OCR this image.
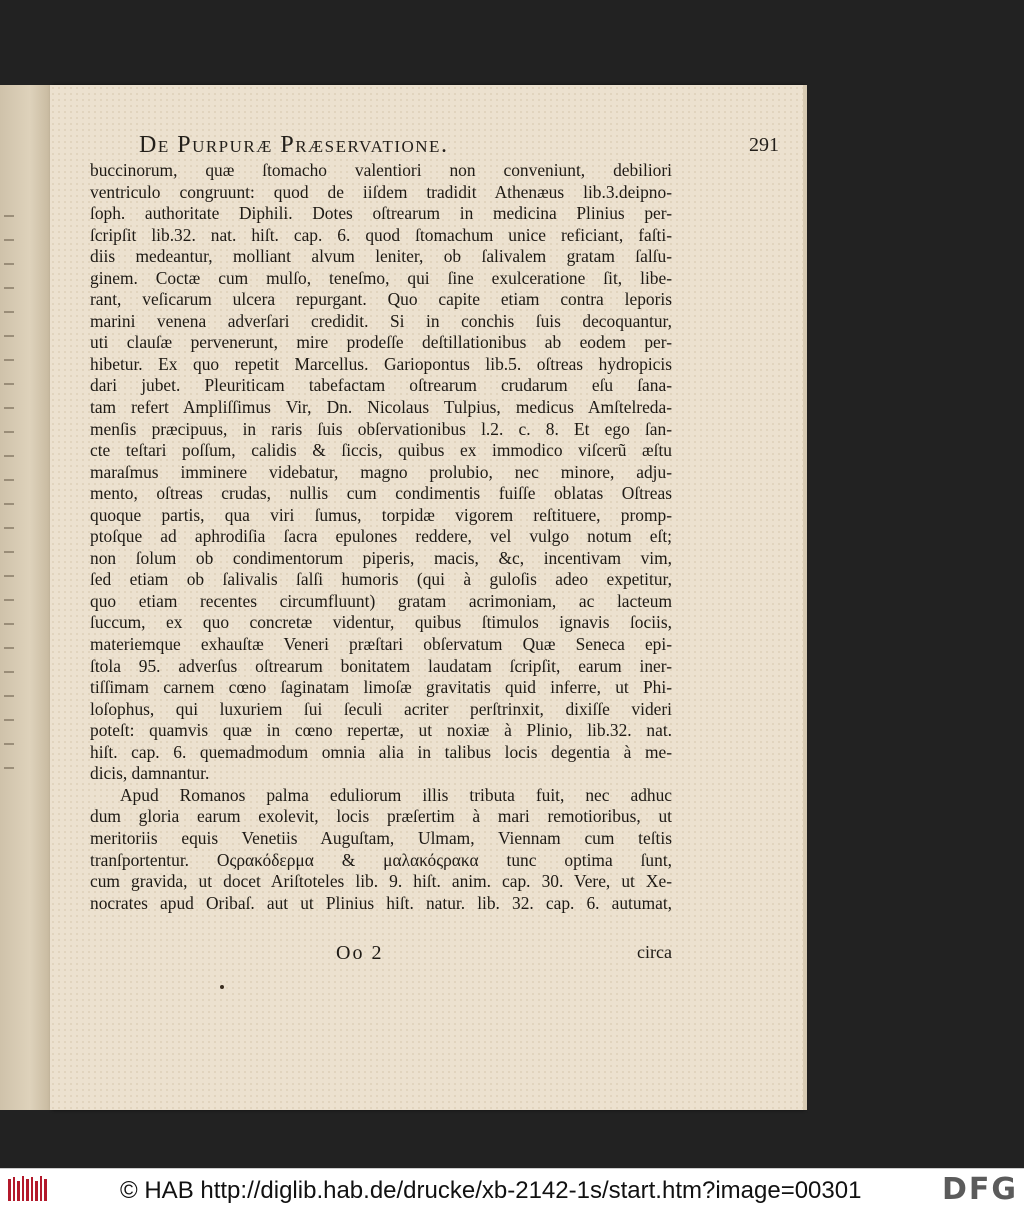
De Purpuræ Præservatione.	291
buccinorum, quæ ſtomacho valentiori non conveniunt, debiliori
ventriculo congruunt: quod de iiſdem tradidit Athenæus lib.3.deipno-
ſoph. authoritate Diphili. Dotes oſtrearum in medicina Plinius per-
ſcripſit lib.32. nat. hiſt. cap. 6. quod ſtomachum unice reficiant, faſti-
diis medeantur, molliant alvum leniter, ob ſalivalem gratam ſalſu-
ginem. Coctæ cum mulſo, teneſmo, qui ſine exulceratione ſit, libe-
rant, veſicarum ulcera repurgant. Quo capite etiam contra leporis
marini venena adverſari credidit. Si in conchis ſuis decoquantur,
uti clauſæ pervenerunt, mire prodeſſe deſtillationibus ab eodem per-
hibetur. Ex quo repetit Marcellus. Gariopontus lib.5. oſtreas hydropicis
dari jubet. Pleuriticam tabefactam oſtrearum crudarum eſu ſana-
tam refert Ampliſſimus Vir, Dn. Nicolaus Tulpius, medicus Amſtelreda-
menſis præcipuus, in raris ſuis obſervationibus l.2. c. 8. Et ego ſan-
cte teſtari poſſum, calidis & ſiccis, quibus ex immodico viſcerũ æſtu
maraſmus imminere videbatur, magno prolubio, nec minore, adju-
mento, oſtreas crudas, nullis cum condimentis fuiſſe oblatas Oſtreas
quoque partis, qua viri ſumus, torpidæ vigorem reſtituere, promp-
ptoſque ad aphrodiſia ſacra epulones reddere, vel vulgo notum eſt;
non ſolum ob condimentorum piperis, macis, &c, incentivam vim,
ſed etiam ob ſalivalis ſalſi humoris (qui à guloſis adeo expetitur,
quo etiam recentes circumfluunt) gratam acrimoniam, ac lacteum
ſuccum, ex quo concretæ videntur, quibus ſtimulos ignavis ſociis,
materiemque exhauſtæ Veneri præſtari obſervatum Quæ Seneca epi-
ſtola 95. adverſus oſtrearum bonitatem laudatam ſcripſit, earum iner-
tiſſimam carnem cœno ſaginatam limoſæ gravitatis quid inferre, ut Phi-
loſophus, qui luxuriem ſui ſeculi acriter perſtrinxit, dixiſſe videri
poteſt: quamvis quæ in cœno repertæ, ut noxiæ à Plinio, lib.32. nat.
hiſt. cap. 6. quemadmodum omnia alia in talibus locis degentia à me-
dicis, damnantur.
Apud Romanos palma eduliorum illis tributa fuit, nec adhuc
dum gloria earum exolevit, locis præſertim à mari remotioribus, ut
meritoriis equis Venetiis Auguſtam, Ulmam, Viennam cum teſtis
tranſportentur. Οςρακόδερμα & μαλακόςρακα tunc optima ſunt,
cum gravida, ut docet Ariſtoteles lib. 9. hiſt. anim. cap. 30. Vere, ut Xe-
nocrates apud Oribaſ. aut ut Plinius hiſt. natur. lib. 32. cap. 6. autumat,
Oo 2	circa
© HAB http://diglib.hab.de/drucke/xb-2142-1s/start.htm?image=00301	DFG
